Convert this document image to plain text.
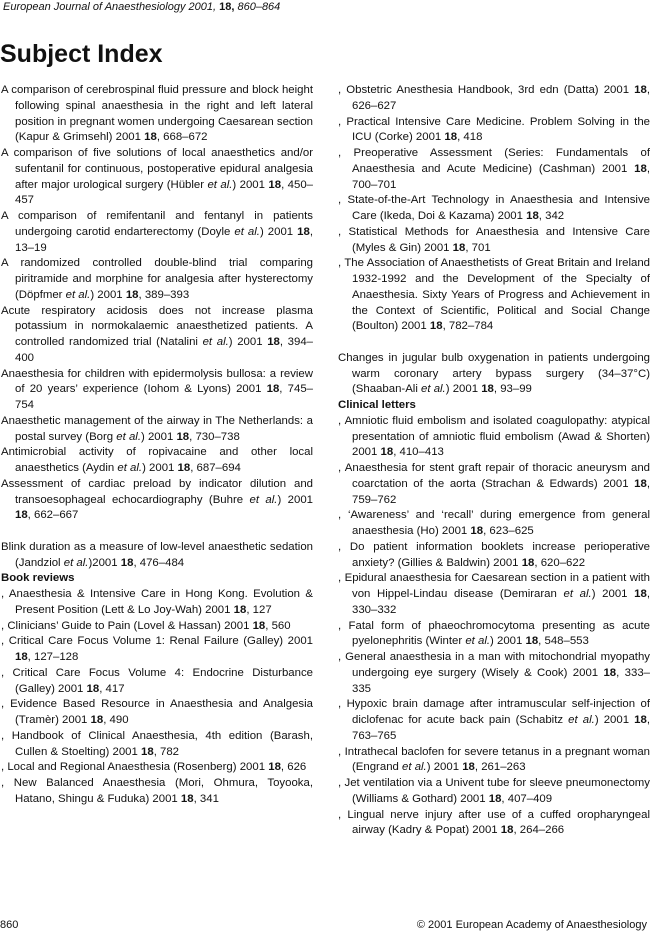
European Journal of Anaesthesiology 2001, 18, 860–864
Subject Index

A comparison of cerebrospinal fluid pressure and block height following spinal anaesthesia in the right and left lateral position in pregnant women undergoing Caesarean section (Kapur & Grimsehl) 2001 18, 668–672

A comparison of five solutions of local anaesthetics and/or sufentanil for continuous, postoperative epidural analgesia after major urological surgery (Hübler et al.) 2001 18, 450–457

A comparison of remifentanil and fentanyl in patients undergoing carotid endarterectomy (Doyle et al.) 2001 18, 13–19

A randomized controlled double-blind trial comparing piritramide and morphine for analgesia after hysterectomy (Döpfmer et al.) 2001 18, 389–393

Acute respiratory acidosis does not increase plasma potassium in normokalaemic anaesthetized patients. A controlled randomized trial (Natalini et al.) 2001 18, 394–400

Anaesthesia for children with epidermolysis bullosa: a review of 20 years’ experience (Iohom & Lyons) 2001 18, 745–754

Anaesthetic management of the airway in The Netherlands: a postal survey (Borg et al.) 2001 18, 730–738

Antimicrobial activity of ropivacaine and other local anaesthetics (Aydin et al.) 2001 18, 687–694

Assessment of cardiac preload by indicator dilution and transoesophageal echocardiography (Buhre et al.) 2001 18, 662–667

Blink duration as a measure of low-level anaesthetic sedation (Jandziol et al.)2001 18, 476–484

Book reviews

, Anaesthesia & Intensive Care in Hong Kong. Evolution & Present Position (Lett & Lo Joy-Wah) 2001 18, 127

, Clinicians’ Guide to Pain (Lovel & Hassan) 2001 18, 560

, Critical Care Focus Volume 1: Renal Failure (Galley) 2001 18, 127–128

, Critical Care Focus Volume 4: Endocrine Disturbance (Galley) 2001 18, 417

, Evidence Based Resource in Anaesthesia and Analgesia (Tramèr) 2001 18, 490

, Handbook of Clinical Anaesthesia, 4th edition (Barash, Cullen & Stoelting) 2001 18, 782

, Local and Regional Anaesthesia (Rosenberg) 2001 18, 626

, New Balanced Anaesthesia (Mori, Ohmura, Toyooka, Hatano, Shingu & Fuduka) 2001 18, 341

, Obstetric Anesthesia Handbook, 3rd edn (Datta) 2001 18, 626–627

, Practical Intensive Care Medicine. Problem Solving in the ICU (Corke) 2001 18, 418

, Preoperative Assessment (Series: Fundamentals of Anaesthesia and Acute Medicine) (Cashman) 2001 18, 700–701

, State-of-the-Art Technology in Anaesthesia and Intensive Care (Ikeda, Doi & Kazama) 2001 18, 342

, Statistical Methods for Anaesthesia and Intensive Care (Myles & Gin) 2001 18, 701

, The Association of Anaesthetists of Great Britain and Ireland 1932-1992 and the Development of the Specialty of Anaesthesia. Sixty Years of Progress and Achievement in the Context of Scientific, Political and Social Change (Boulton) 2001 18, 782–784

Changes in jugular bulb oxygenation in patients undergoing warm coronary artery bypass surgery (34–37°C) (Shaaban-Ali et al.) 2001 18, 93–99

Clinical letters

, Amniotic fluid embolism and isolated coagulopathy: atypical presentation of amniotic fluid embolism (Awad & Shorten) 2001 18, 410–413

, Anaesthesia for stent graft repair of thoracic aneurysm and coarctation of the aorta (Strachan & Edwards) 2001 18, 759–762

, ‘Awareness’ and ‘recall’ during emergence from general anaesthesia (Ho) 2001 18, 623–625

, Do patient information booklets increase perioperative anxiety? (Gillies & Baldwin) 2001 18, 620–622

, Epidural anaesthesia for Caesarean section in a patient with von Hippel-Lindau disease (Demiraran et al.) 2001 18, 330–332

, Fatal form of phaeochromocytoma presenting as acute pyelonephritis (Winter et al.) 2001 18, 548–553

, General anaesthesia in a man with mitochondrial myopathy undergoing eye surgery (Wisely & Cook) 2001 18, 333–335

, Hypoxic brain damage after intramuscular self-injection of diclofenac for acute back pain (Schabitz et al.) 2001 18, 763–765

, Intrathecal baclofen for severe tetanus in a pregnant woman (Engrand et al.) 2001 18, 261–263

, Jet ventilation via a Univent tube for sleeve pneumonectomy (Williams & Gothard) 2001 18, 407–409

, Lingual nerve injury after use of a cuffed oropharyngeal airway (Kadry & Popat) 2001 18, 264–266

860	© 2001 European Academy of Anaesthesiology
